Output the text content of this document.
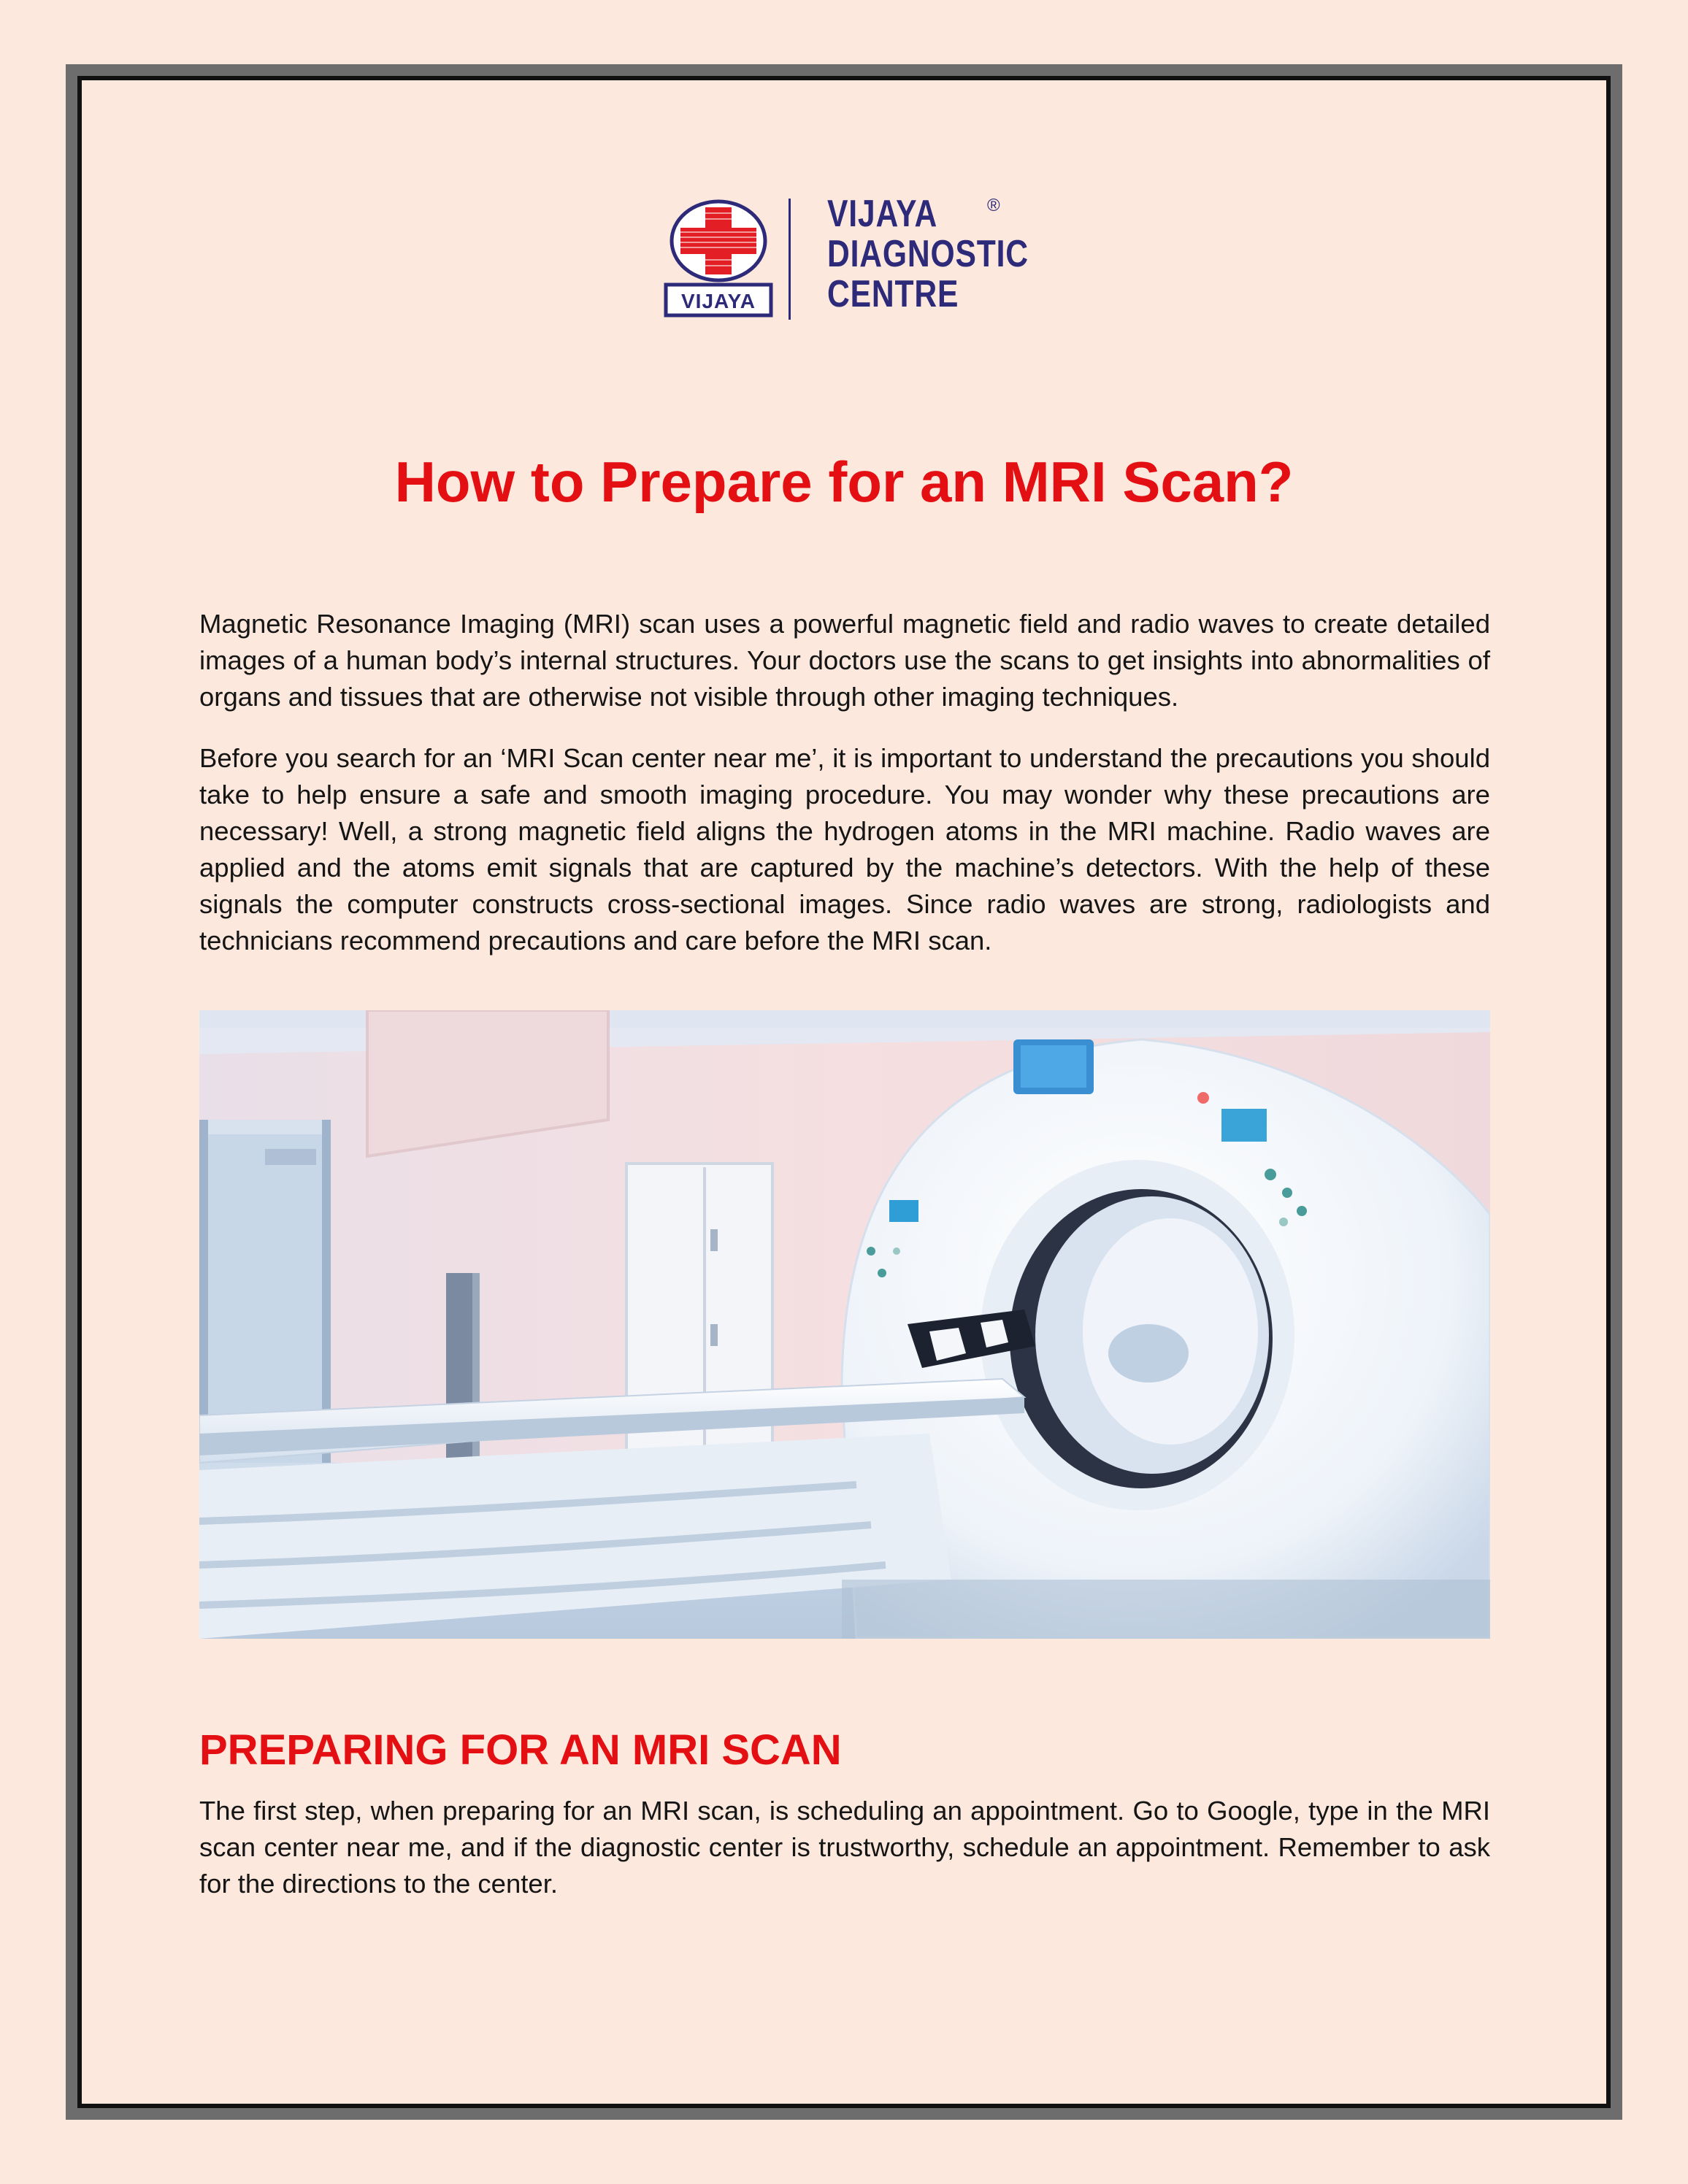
VIJAYA
VIJAYA
DIAGNOSTIC
CENTRE
®
How to Prepare for an MRI Scan?

Magnetic Resonance Imaging (MRI) scan uses a powerful magnetic field and radio waves to create detailed images of a human body’s internal structures. Your doctors use the scans to get insights into abnormalities of organs and tissues that are otherwise not visible through other imaging techniques.

Before you search for an ‘MRI Scan center near me’, it is important to understand the precautions you should take to help ensure a safe and smooth imaging procedure. You may wonder why these precautions are necessary! Well, a strong magnetic field aligns the hydrogen atoms in the MRI machine. Radio waves are applied and the atoms emit signals that are captured by the machine’s detectors. With the help of these signals the computer constructs cross-sectional images. Since radio waves are strong, radiologists and technicians recommend precautions and care before the MRI scan.

PREPARING FOR AN MRI SCAN

The first step, when preparing for an MRI scan, is scheduling an appointment. Go to Google, type in the MRI scan center near me, and if the diagnostic center is trustworthy, schedule an appointment. Remember to ask for the directions to the center.
